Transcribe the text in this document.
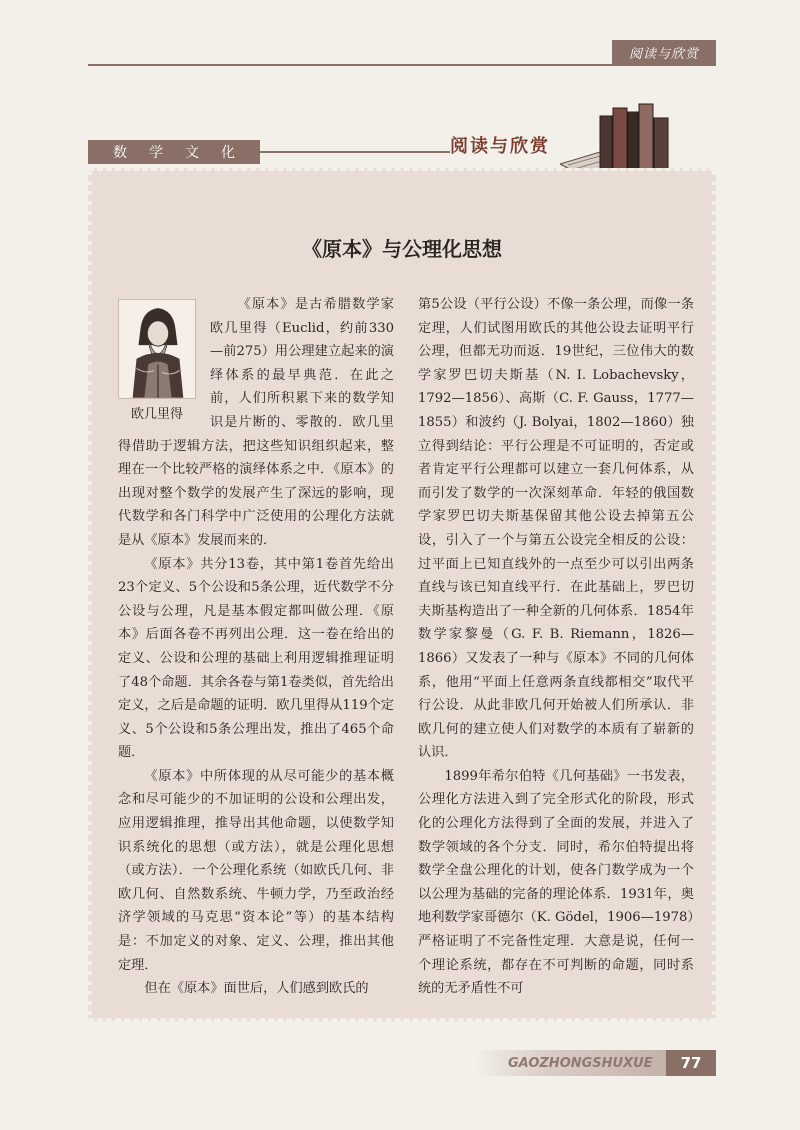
阅读与欣赏
数 学 文 化	阅读与欣赏
《原本》与公理化思想
欧几里得

  《原本》是古希腊数学家欧几里得（Euclid，约前330—前275）用公理建立起来的演绎体系的最早典范．在此之前，人们所积累下来的数学知识是片断的、零散的．欧几里得借助于逻辑方法，把这些知识组织起来，整理在一个比较严格的演绎体系之中．《原本》的出现对整个数学的发展产生了深远的影响，现代数学和各门科学中广泛使用的公理化方法就是从《原本》发展而来的．

《原本》共分13卷，其中第1卷首先给出23个定义、5个公设和5条公理，近代数学不分公设与公理，凡是基本假定都叫做公理．《原本》后面各卷不再列出公理．这一卷在给出的定义、公设和公理的基础上利用逻辑推理证明了48个命题．其余各卷与第1卷类似，首先给出定义，之后是命题的证明．欧几里得从119个定义、5个公设和5条公理出发，推出了465个命题．

《原本》中所体现的从尽可能少的基本概念和尽可能少的不加证明的公设和公理出发，应用逻辑推理，推导出其他命题，以使数学知识系统化的思想（或方法），就是公理化思想（或方法）．一个公理化系统（如欧氏几何、非欧几何、自然数系统、牛顿力学，乃至政治经济学领域的马克思“资本论”等）的基本结构是：不加定义的对象、定义、公理，推出其他定理．

但在《原本》面世后，人们感到欧氏的

第5公设（平行公设）不像一条公理，而像一条定理，人们试图用欧氏的其他公设去证明平行公理，但都无功而返．19世纪，三位伟大的数学家罗巴切夫斯基（N. I. Lobachevsky，1792—1856）、高斯（C. F. Gauss，1777—1855）和波约（J. Bolyai，1802—1860）独立得到结论：平行公理是不可证明的，否定或者肯定平行公理都可以建立一套几何体系，从而引发了数学的一次深刻革命．年轻的俄国数学家罗巴切夫斯基保留其他公设去掉第五公设，引入了一个与第五公设完全相反的公设：过平面上已知直线外的一点至少可以引出两条直线与该已知直线平行．在此基础上，罗巴切夫斯基构造出了一种全新的几何体系．1854年数学家黎曼（G. F. B. Riemann，1826—1866）又发表了一种与《原本》不同的几何体系，他用“平面上任意两条直线都相交”取代平行公设．从此非欧几何开始被人们所承认．非欧几何的建立使人们对数学的本质有了崭新的认识．

1899年希尔伯特《几何基础》一书发表，公理化方法进入到了完全形式化的阶段，形式化的公理化方法得到了全面的发展，并进入了数学领域的各个分支．同时，希尔伯特提出将数学全盘公理化的计划，使各门数学成为一个以公理为基础的完备的理论体系．1931年，奥地利数学家哥德尔（K. Gödel，1906—1978）严格证明了不完备性定理．大意是说，任何一个理论系统，都存在不可判断的命题，同时系统的无矛盾性不可

GAOZHONGSHUXUE	77
